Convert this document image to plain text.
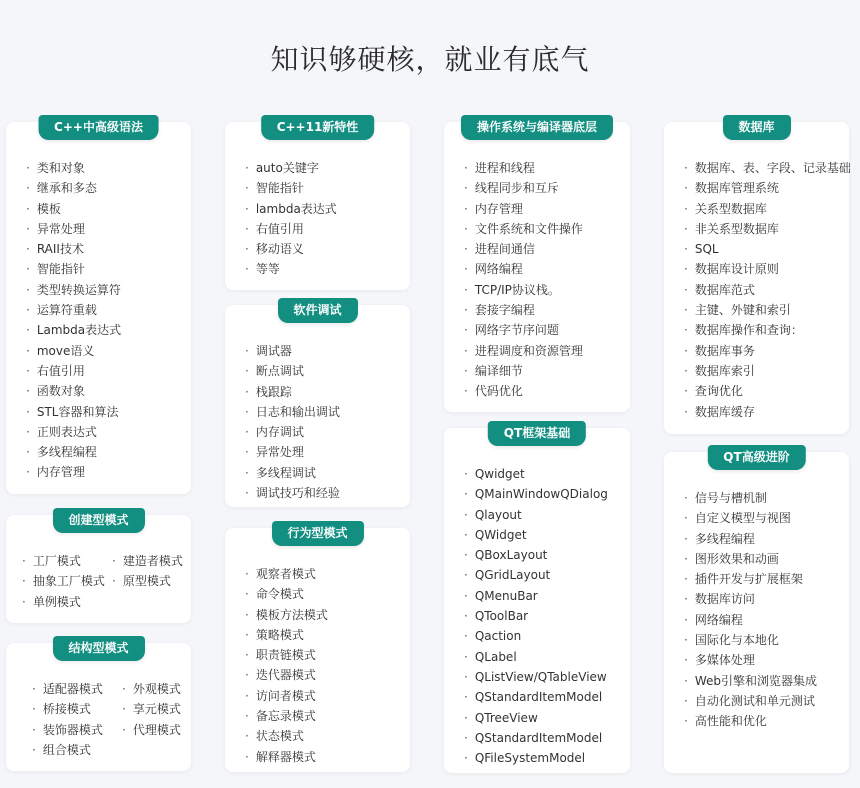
知识够硬核，就业有底气
C++中高级语法
· 类和对象
· 继承和多态
· 模板
· 异常处理
· RAII技术
· 智能指针
· 类型转换运算符
· 运算符重载
· Lambda表达式
· move语义
· 右值引用
· 函数对象
· STL容器和算法
· 正则表达式
· 多线程编程
· 内存管理
创建型模式
· 工厂模式	· 建造者模式
· 抽象工厂模式	· 原型模式
· 单例模式
结构型模式
· 适配器模式	· 外观模式
· 桥接模式	· 享元模式
· 装饰器模式	· 代理模式
· 组合模式
C++11新特性
· auto关键字
· 智能指针
· lambda表达式
· 右值引用
· 移动语义
· 等等
软件调试
· 调试器
· 断点调试
· 栈跟踪
· 日志和输出调试
· 内存调试
· 异常处理
· 多线程调试
· 调试技巧和经验
行为型模式
· 观察者模式
· 命令模式
· 模板方法模式
· 策略模式
· 职责链模式
· 迭代器模式
· 访问者模式
· 备忘录模式
· 状态模式
· 解释器模式
操作系统与编译器底层
· 进程和线程
· 线程同步和互斥
· 内存管理
· 文件系统和文件操作
· 进程间通信
· 网络编程
· TCP/IP协议栈。
· 套接字编程
· 网络字节序问题
· 进程调度和资源管理
· 编译细节
· 代码优化
QT框架基础
· Qwidget
· QMainWindowQDialog
· Qlayout
· QWidget
· QBoxLayout
· QGridLayout
· QMenuBar
· QToolBar
· Qaction
· QLabel
· QListView/QTableView
· QStandardItemModel
· QTreeView
· QStandardItemModel
· QFileSystemModel
数据库
· 数据库、表、字段、记录基础
· 数据库管理系统
· 关系型数据库
· 非关系型数据库
· SQL
· 数据库设计原则
· 数据库范式
· 主键、外键和索引
· 数据库操作和查询：
· 数据库事务
· 数据库索引
· 查询优化
· 数据库缓存
QT高级进阶
· 信号与槽机制
· 自定义模型与视图
· 多线程编程
· 图形效果和动画
· 插件开发与扩展框架
· 数据库访问
· 网络编程
· 国际化与本地化
· 多媒体处理
· Web引擎和浏览器集成
· 自动化测试和单元测试
· 高性能和优化
